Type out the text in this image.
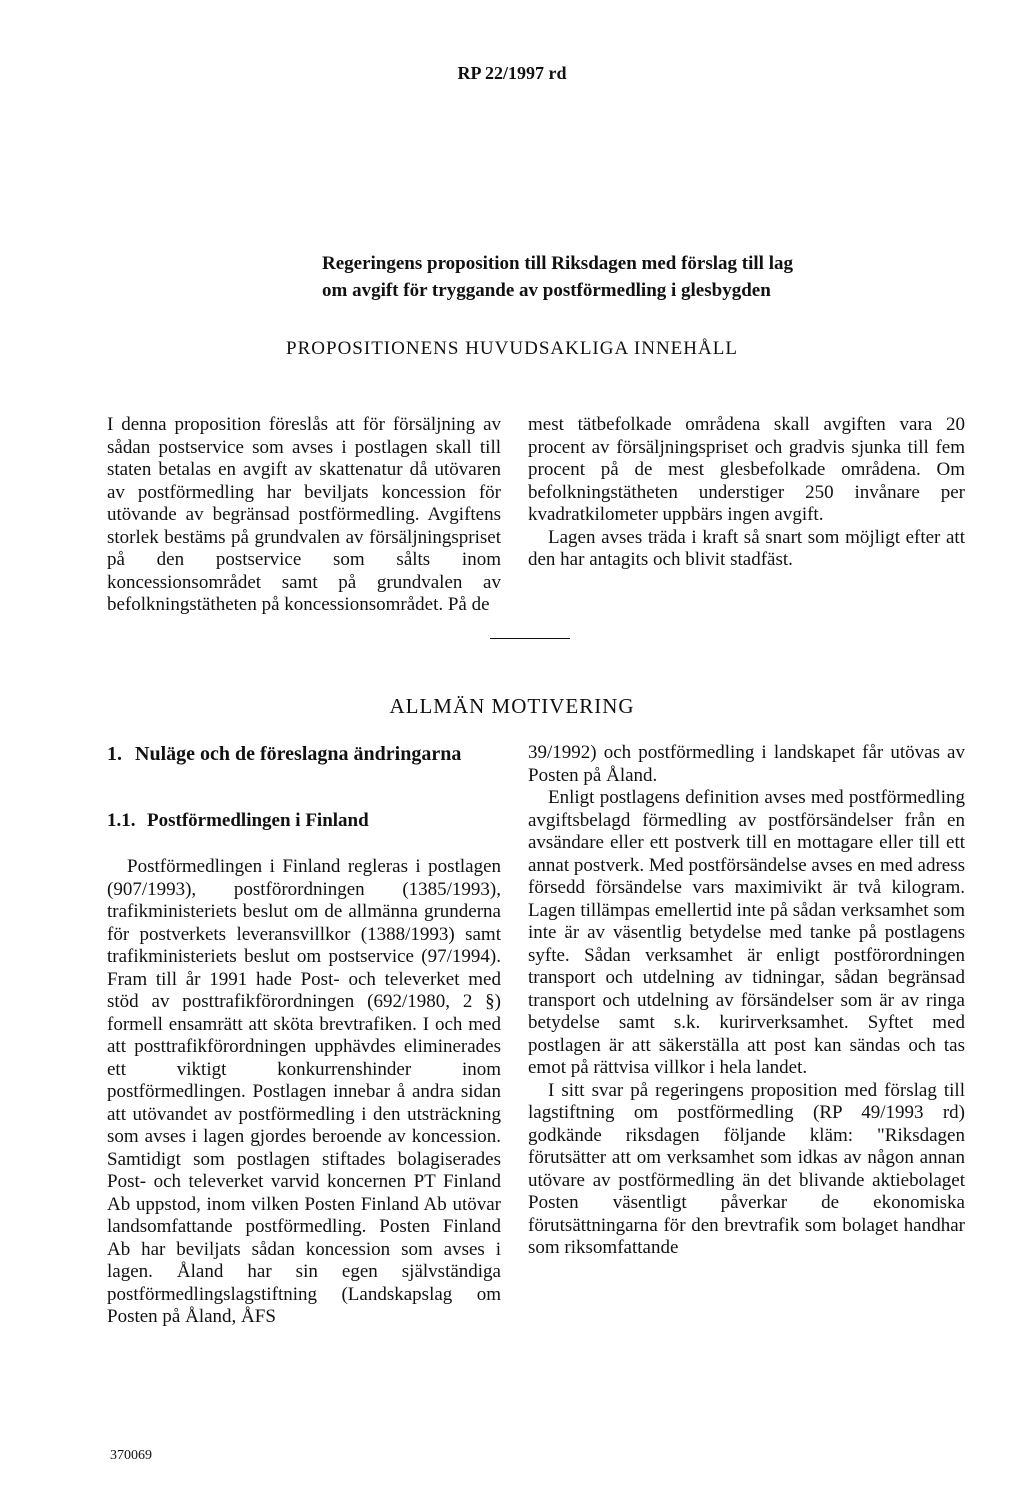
RP 22/1997 rd
Regeringens proposition till Riksdagen med förslag till lag
om avgift för tryggande av postförmedling i glesbygden
PROPOSITIONENS HUVUDSAKLIGA INNEHÅLL

I denna proposition föreslås att för försäljning av sådan postservice som avses i postlagen skall till staten betalas en avgift av skattenatur då utövaren av postförmedling har beviljats koncession för utövande av begränsad postförmedling. Avgiftens storlek bestäms på grundvalen av försäljningspriset på den postservice som sålts inom koncessionsområdet samt på grundvalen av befolkningstätheten på koncessionsområdet. På de

mest tätbefolkade områdena skall avgiften vara 20 procent av försäljningspriset och gradvis sjunka till fem procent på de mest glesbefolkade områdena. Om befolkningstätheten understiger 250 invånare per kvadratkilometer uppbärs ingen avgift.

Lagen avses träda i kraft så snart som möjligt efter att den har antagits och blivit stadfäst.

ALLMÄN MOTIVERING
1. Nuläge och de föreslagna ändringarna
1.1. Postförmedlingen i Finland

Postförmedlingen i Finland regleras i postlagen (907/1993), postförordningen (1385/1993), trafikministeriets beslut om de allmänna grunderna för postverkets leveransvillkor (1388/1993) samt trafikministeriets beslut om postservice (97/1994). Fram till år 1991 hade Post- och televerket med stöd av posttrafikförordningen (692/1980, 2 §) formell ensamrätt att sköta brevtrafiken. I och med att posttrafikförordningen upphävdes eliminerades ett viktigt konkurrenshinder inom postförmedlingen. Postlagen innebar å andra sidan att utövandet av postförmedling i den utsträckning som avses i lagen gjordes beroende av koncession. Samtidigt som postlagen stiftades bolagiserades Post- och televerket varvid koncernen PT Finland Ab uppstod, inom vilken Posten Finland Ab utövar landsomfattande postförmedling. Posten Finland Ab har beviljats sådan koncession som avses i lagen. Åland har sin egen självständiga postförmedlingslagstiftning (Landskapslag om Posten på Åland, ÅFS

39/1992) och postförmedling i landskapet får utövas av Posten på Åland.

Enligt postlagens definition avses med postförmedling avgiftsbelagd förmedling av postförsändelser från en avsändare eller ett postverk till en mottagare eller till ett annat postverk. Med postförsändelse avses en med adress försedd försändelse vars maximivikt är två kilogram. Lagen tillämpas emellertid inte på sådan verksamhet som inte är av väsentlig betydelse med tanke på postlagens syfte. Sådan verksamhet är enligt postförordningen transport och utdelning av tidningar, sådan begränsad transport och utdelning av försändelser som är av ringa betydelse samt s.k. kurirverksamhet. Syftet med postlagen är att säkerställa att post kan sändas och tas emot på rättvisa villkor i hela landet.

I sitt svar på regeringens proposition med förslag till lagstiftning om postförmedling (RP 49/1993 rd) godkände riksdagen följande kläm: "Riksdagen förutsätter att om verksamhet som idkas av någon annan utövare av postförmedling än det blivande aktiebolaget Posten väsentligt påverkar de ekonomiska förutsättningarna för den brevtrafik som bolaget handhar som riksomfattande

370069
